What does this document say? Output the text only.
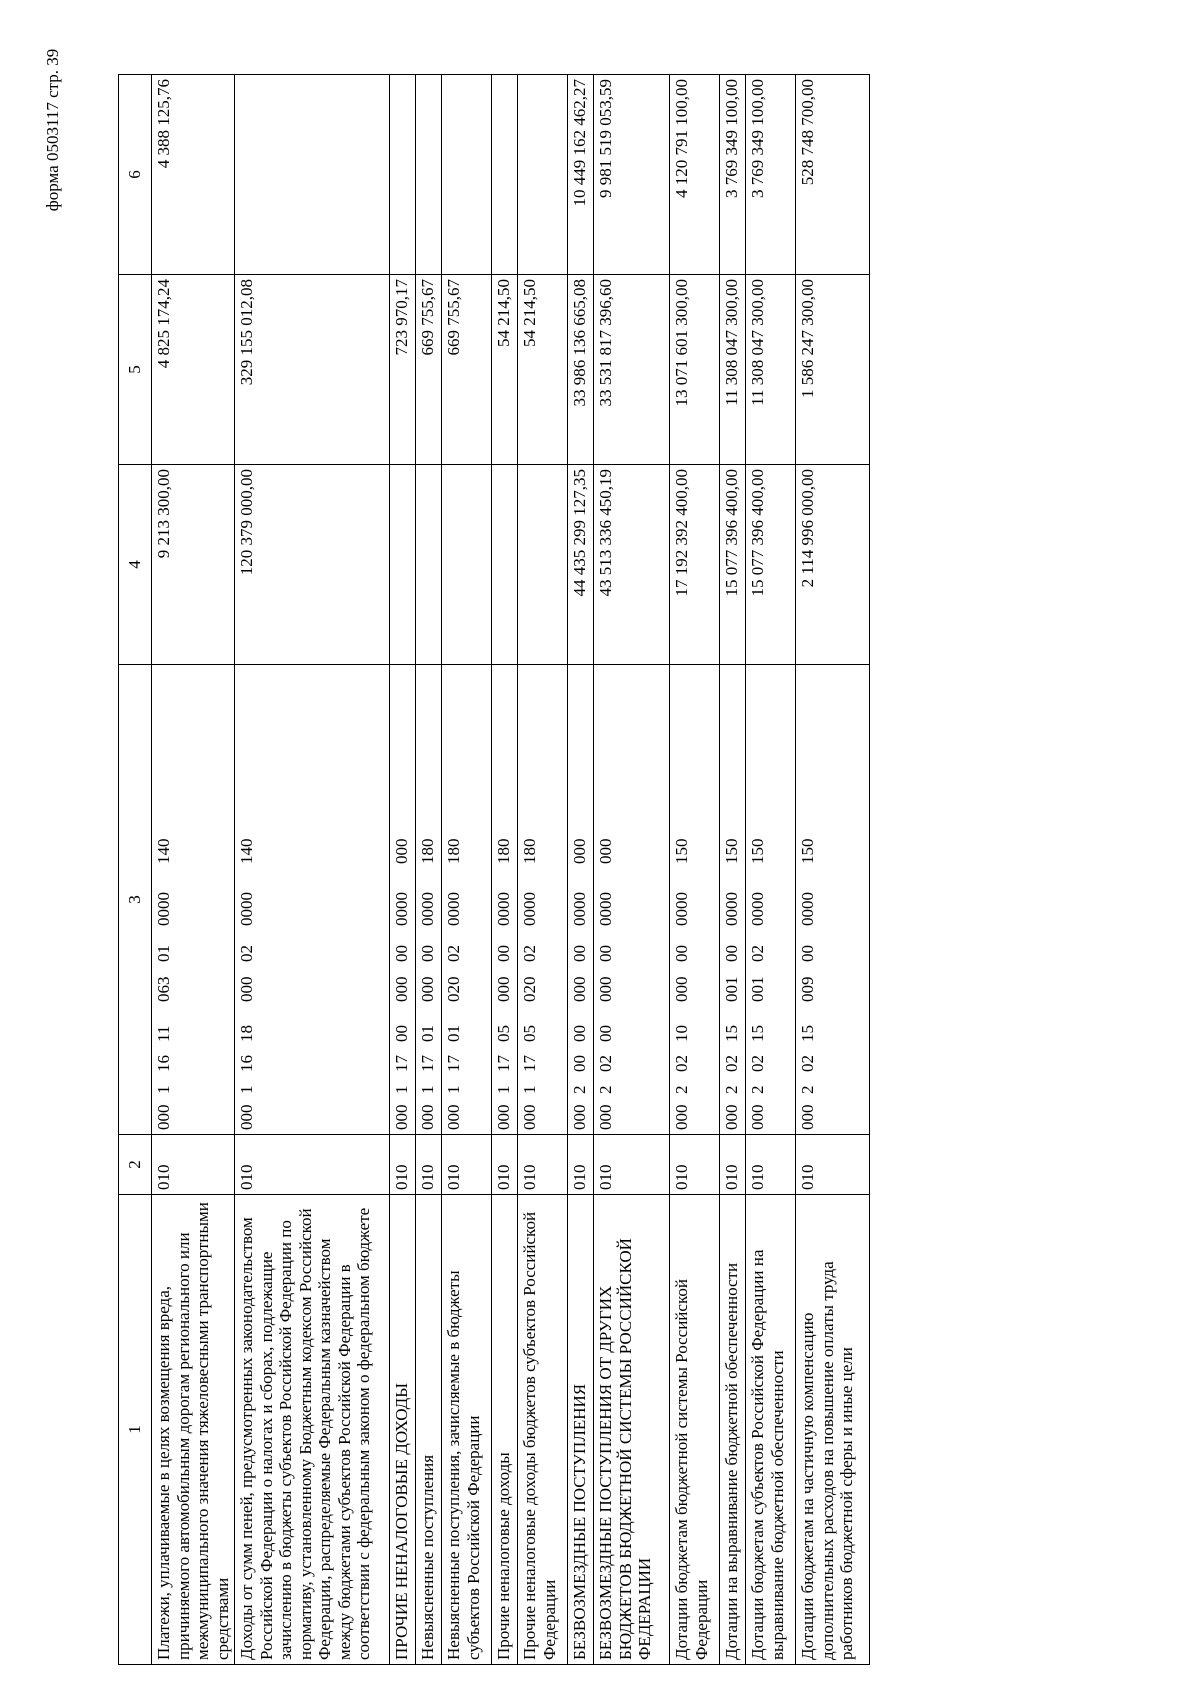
форма 0503117 стр. 39
1	2	3	4	5	6
Платежи, уплачиваемые в целях возмещения вреда, причиняемого автомобильным дорогам регионального или межмуниципального значения тяжеловесными транспортными средствами	010	00011611063010000140	9 213 300,00	4 825 174,24	4 388 125,76
Доходы от сумм пеней, предусмотренных законодательством Российской Федерации о налогах и сборах, подлежащие зачислению в бюджеты субъектов Российской Федерации по нормативу, установленному Бюджетным кодексом Российской Федерации, распределяемые Федеральным казначейством между бюджетами субъектов Российской Федерации в соответствии с федеральным законом о федеральном бюджете	010	00011618000020000140	120 379 000,00	329 155 012,08	
ПРОЧИЕ НЕНАЛОГОВЫЕ ДОХОДЫ	010	00011700000000000000		723 970,17	
Невыясненные поступления	010	00011701000000000180		669 755,67	
Невыясненные поступления, зачисляемые в бюджеты субъектов Российской Федерации	010	00011701020020000180		669 755,67	
Прочие неналоговые доходы	010	00011705000000000180		54 214,50	
Прочие неналоговые доходы бюджетов субъектов Российской Федерации	010	00011705020020000180		54 214,50	
БЕЗВОЗМЕЗДНЫЕ ПОСТУПЛЕНИЯ	010	00020000000000000000	44 435 299 127,35	33 986 136 665,08	10 449 162 462,27
БЕЗВОЗМЕЗДНЫЕ ПОСТУПЛЕНИЯ ОТ ДРУГИХ БЮДЖЕТОВ БЮДЖЕТНОЙ СИСТЕМЫ РОССИЙСКОЙ ФЕДЕРАЦИИ	010	00020200000000000000	43 513 336 450,19	33 531 817 396,60	9 981 519 053,59
Дотации бюджетам бюджетной системы Российской Федерации	010	00020210000000000150	17 192 392 400,00	13 071 601 300,00	4 120 791 100,00
Дотации на выравнивание бюджетной обеспеченности	010	00020215001000000150	15 077 396 400,00	11 308 047 300,00	3 769 349 100,00
Дотации бюджетам субъектов Российской Федерации на выравнивание бюджетной обеспеченности	010	00020215001020000150	15 077 396 400,00	11 308 047 300,00	3 769 349 100,00
Дотации бюджетам на частичную компенсацию дополнительных расходов на повышение оплаты труда работников бюджетной сферы и иные цели	010	00020215009000000150	2 114 996 000,00	1 586 247 300,00	528 748 700,00
